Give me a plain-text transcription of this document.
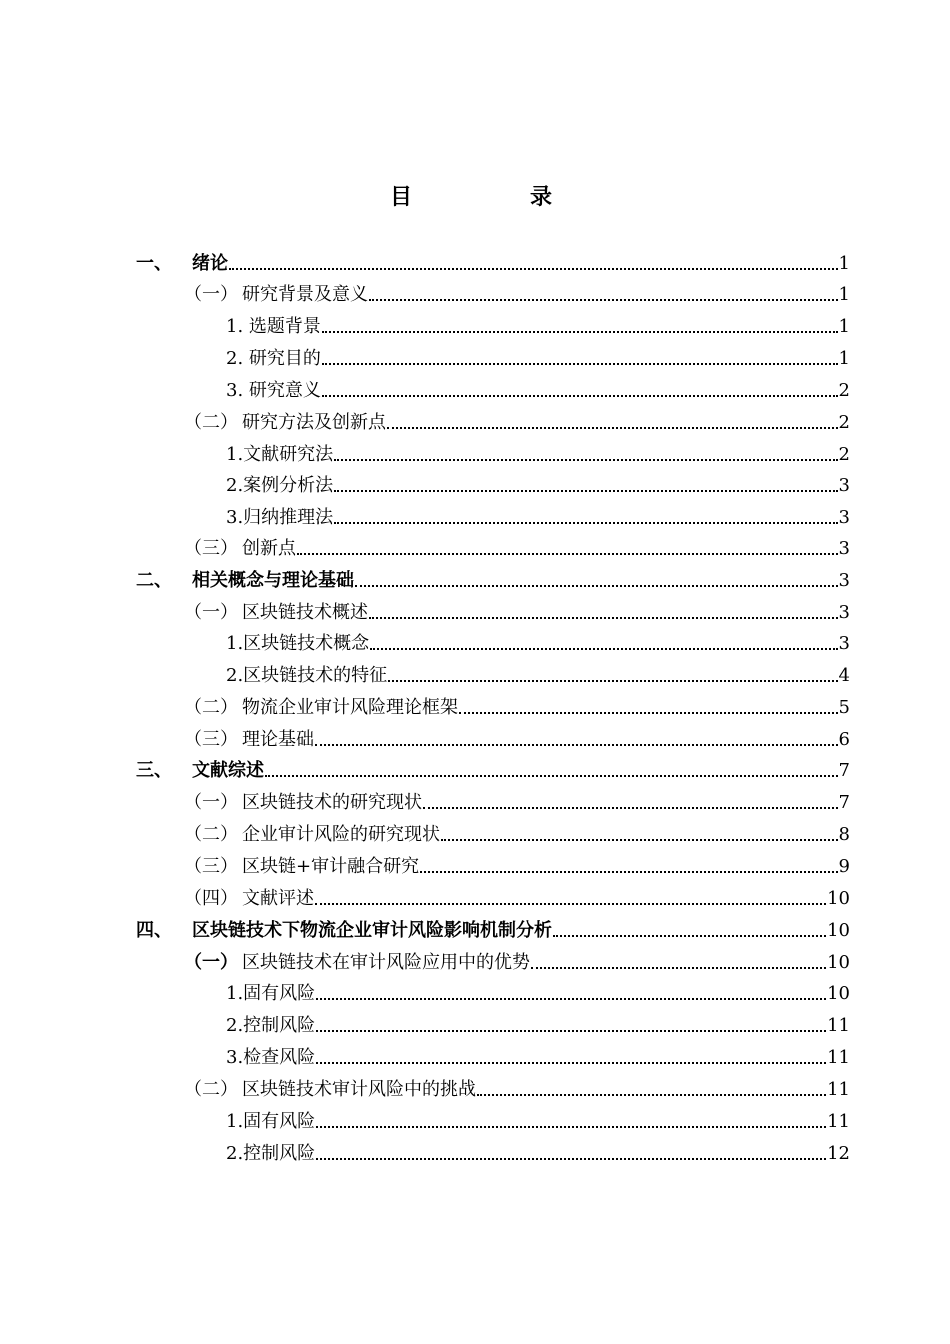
目　录
一、	绪论	1
（一） 研究背景及意义	1
1. 选题背景	1
2. 研究目的	1
3. 研究意义	2
（二） 研究方法及创新点	2
1.文献研究法	2
2.案例分析法	3
3.归纳推理法	3
（三） 创新点	3
二、	相关概念与理论基础	3
（一） 区块链技术概述	3
1.区块链技术概念	3
2.区块链技术的特征	4
（二） 物流企业审计风险理论框架	5
（三） 理论基础	6
三、	文献综述	7
（一） 区块链技术的研究现状	7
（二） 企业审计风险的研究现状	8
（三） 区块链+审计融合研究	9
（四） 文献评述	10
四、	区块链技术下物流企业审计风险影响机制分析	10
（一） 区块链技术在审计风险应用中的优势	10
1.固有风险	10
2.控制风险	11
3.检查风险	11
（二） 区块链技术审计风险中的挑战	11
1.固有风险	11
2.控制风险	12
